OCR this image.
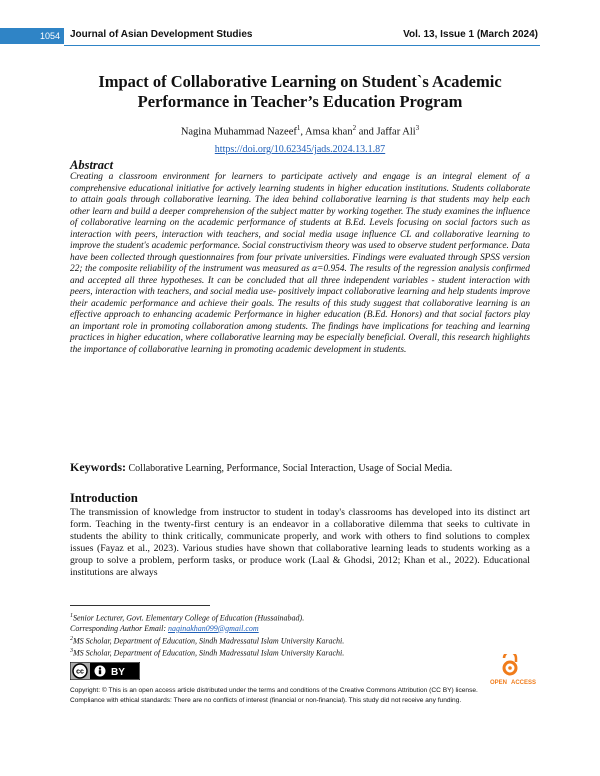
1054	Journal of Asian Development Studies	Vol. 13, Issue 1 (March 2024)
Impact of Collaborative Learning on Student`s Academic Performance in Teacher’s Education Program
Nagina Muhammad Nazeef$^1$, Amsa khan$^2$ and Jaffar Ali$^3$
https://doi.org/10.62345/jads.2024.13.1.87
Abstract
Creating a classroom environment for learners to participate actively and engage is an integral element of a comprehensive educational initiative for actively learning students in higher education institutions. Students collaborate to attain goals through collaborative learning. The idea behind collaborative learning is that students may help each other learn and build a deeper comprehension of the subject matter by working together. The study examines the influence of collaborative learning on the academic performance of students at B.Ed. Levels focusing on social factors such as interaction with peers, interaction with teachers, and social media usage influence CL and collaborative learning to improve the student's academic performance. Social constructivism theory was used to observe student performance. Data have been collected through questionnaires from four private universities. Findings were evaluated through SPSS version 22; the composite reliability of the instrument was measured as α=0.954. The results of the regression analysis confirmed and accepted all three hypotheses. It can be concluded that all three independent variables - student interaction with peers, interaction with teachers, and social media use- positively impact collaborative learning and help students improve their academic performance and achieve their goals. The results of this study suggest that collaborative learning is an effective approach to enhancing academic Performance in higher education (B.Ed. Honors) and that social factors play an important role in promoting collaboration among students. The findings have implications for teaching and learning practices in higher education, where collaborative learning may be especially beneficial. Overall, this research highlights the importance of collaborative learning in promoting academic development in students.
Keywords: Collaborative Learning, Performance, Social Interaction, Usage of Social Media.
Introduction
The transmission of knowledge from instructor to student in today's classrooms has developed into its distinct art form. Teaching in the twenty-first century is an endeavor in a collaborative dilemma that seeks to cultivate in students the ability to think critically, communicate properly, and work with others to find solutions to complex issues (Fayaz et al., 2023). Various studies have shown that collaborative learning leads to students working as a group to solve a problem, perform tasks, or produce work (Laal & Ghodsi, 2012; Khan et al., 2022). Educational institutions are always
$^1$Senior Lecturer, Govt. Elementary College of Education (Hussainabad).
Corresponding Author Email: naginakhan099@gmail.com
$^2$MS Scholar, Department of Education, Sindh Madressatul Islam University Karachi.
$^3$MS Scholar, Department of Education, Sindh Madressatul Islam University Karachi.
cc	BY
OPEN ACCESS
Copyright: © This is an open access article distributed under the terms and conditions of the Creative Commons Attribution (CC BY) license.
Compliance with ethical standards: There are no conflicts of interest (financial or non-financial). This study did not receive any funding.
